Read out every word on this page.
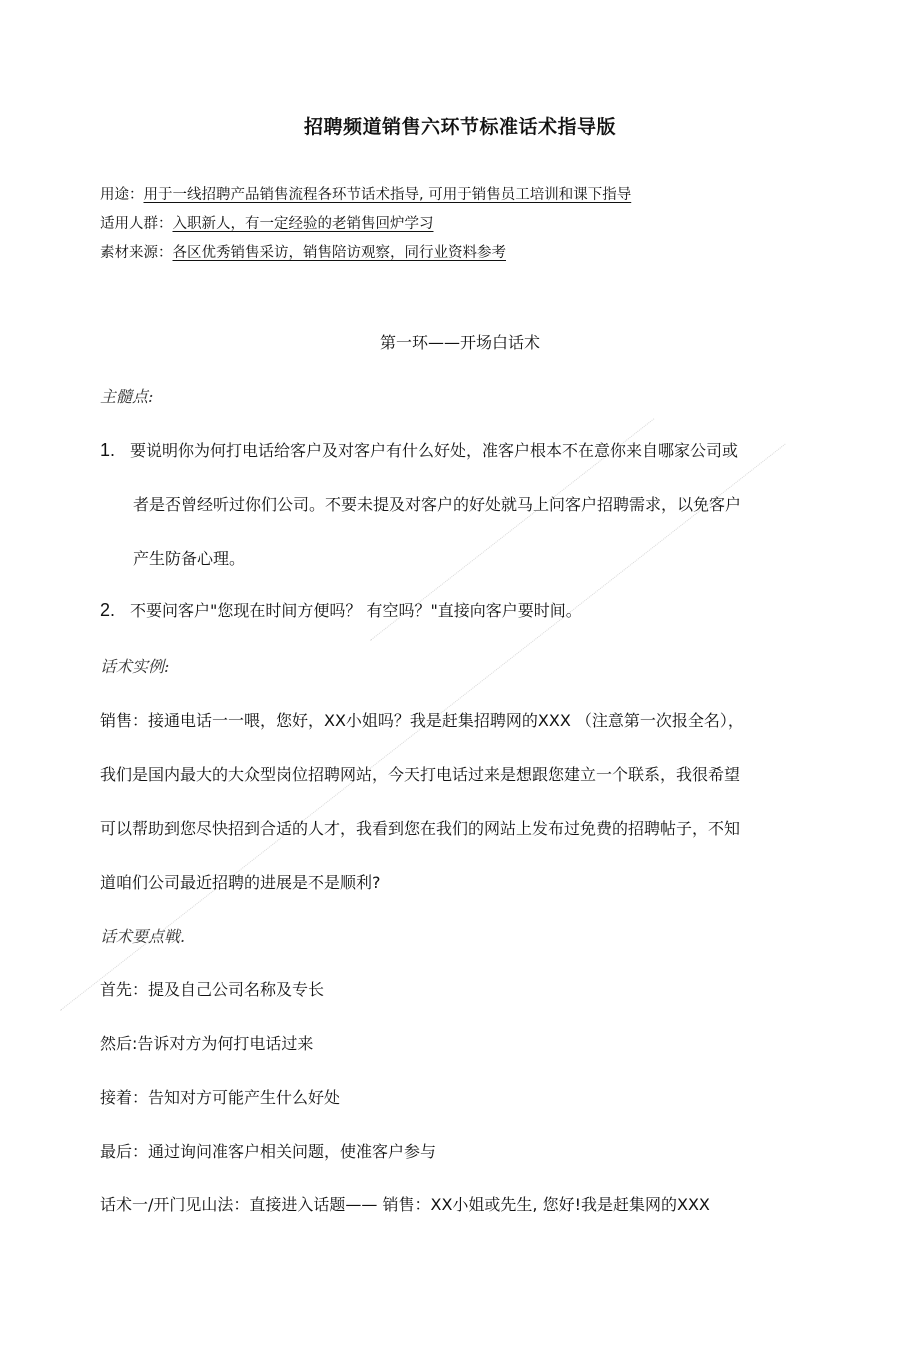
招聘频道销售六环节标准话术指导版
用途：用于一线招聘产品销售流程各环节话术指导, 可用于销售员工培训和课下指导
适用人群：入职新人，有一定经验的老销售回炉学习
素材来源：各区优秀销售采访，销售陪访观察，同行业资料参考
第一环——开场白话术
主髓点:
1. 要说明你为何打电话给客户及对客户有什么好处，准客户根本不在意你来自哪家公司或
者是否曾经听过你们公司。不要未提及对客户的好处就马上问客户招聘需求，以免客户
产生防备心理。
2. 不要问客户"您现在时间方便吗？ 有空吗？"直接向客户要时间。
话术实例:
销售：接通电话一一喂，您好，XX小姐吗？我是赶集招聘网的XXX （注意第一次报全名），
我们是国内最大的大众型岗位招聘网站，今天打电话过来是想跟您建立一个联系，我很希望
可以帮助到您尽快招到合适的人才，我看到您在我们的网站上发布过免费的招聘帖子，不知
道咱们公司最近招聘的进展是不是顺利?
话术要点戦.
首先：提及自己公司名称及专长
然后:告诉对方为何打电话过来
接着：告知对方可能产生什么好处
最后：通过询问准客户相关问题，使准客户参与
话术一/开门见山法：直接进入话题—— 销售：XX小姐或先生, 您好!我是赶集网的XXX
